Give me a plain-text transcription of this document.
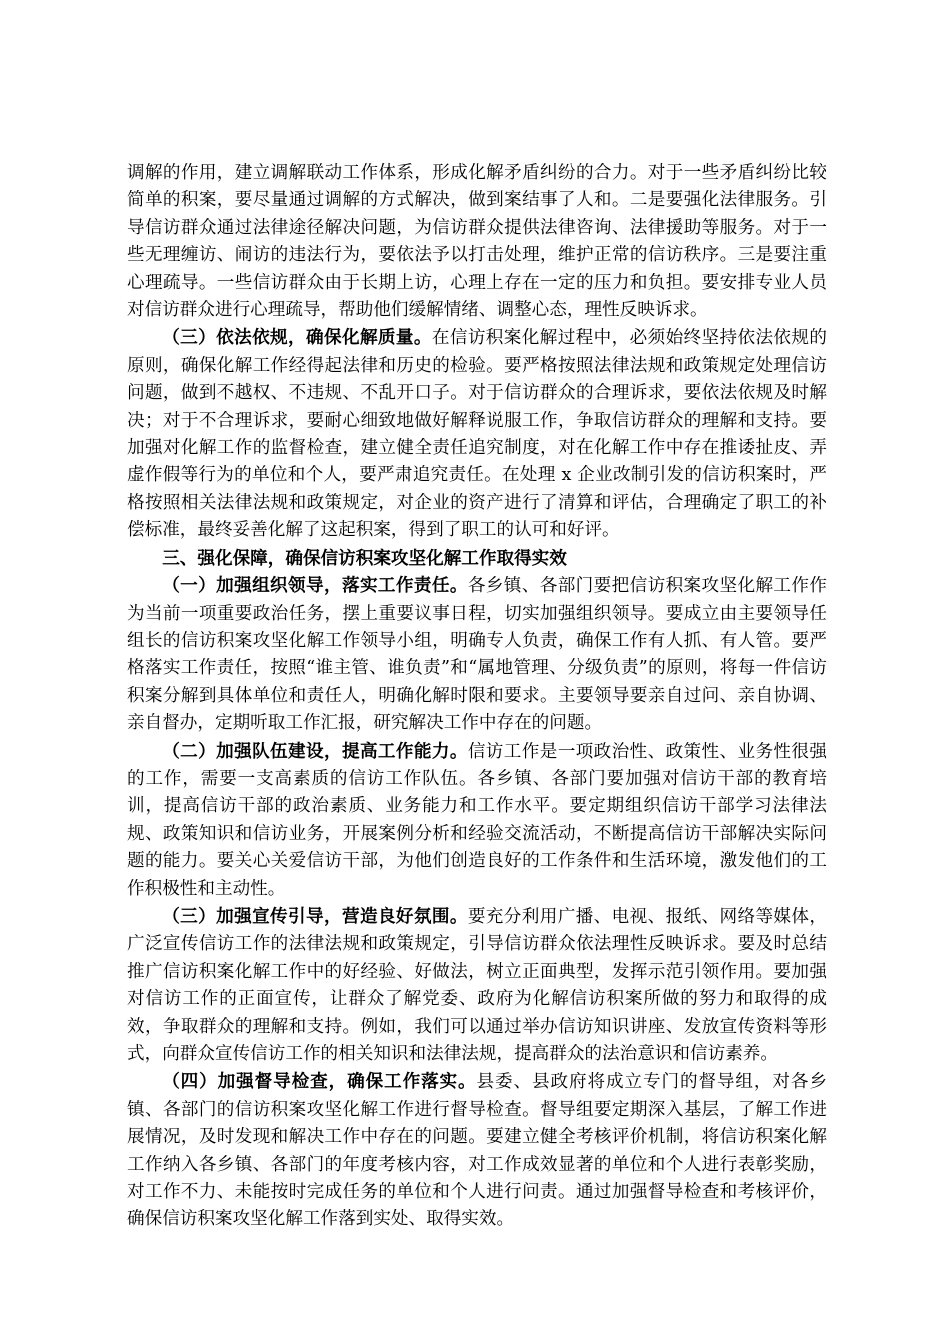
调解的作用，建立调解联动工作体系，形成化解矛盾纠纷的合力。对于一些矛盾纠纷比较简单的积案，要尽量通过调解的方式解决，做到案结事了人和。二是要强化法律服务。引导信访群众通过法律途径解决问题，为信访群众提供法律咨询、法律援助等服务。对于一些无理缠访、闹访的违法行为，要依法予以打击处理，维护正常的信访秩序。三是要注重心理疏导。一些信访群众由于长期上访，心理上存在一定的压力和负担。要安排专业人员对信访群众进行心理疏导，帮助他们缓解情绪、调整心态，理性反映诉求。

（三）依法依规，确保化解质量。在信访积案化解过程中，必须始终坚持依法依规的原则，确保化解工作经得起法律和历史的检验。要严格按照法律法规和政策规定处理信访问题，做到不越权、不违规、不乱开口子。对于信访群众的合理诉求，要依法依规及时解决；对于不合理诉求，要耐心细致地做好解释说服工作，争取信访群众的理解和支持。要加强对化解工作的监督检查，建立健全责任追究制度，对在化解工作中存在推诿扯皮、弄虚作假等行为的单位和个人，要严肃追究责任。在处理 x 企业改制引发的信访积案时，严格按照相关法律法规和政策规定，对企业的资产进行了清算和评估，合理确定了职工的补偿标准，最终妥善化解了这起积案，得到了职工的认可和好评。

三、强化保障，确保信访积案攻坚化解工作取得实效

（一）加强组织领导，落实工作责任。各乡镇、各部门要把信访积案攻坚化解工作作为当前一项重要政治任务，摆上重要议事日程，切实加强组织领导。要成立由主要领导任组长的信访积案攻坚化解工作领导小组，明确专人负责，确保工作有人抓、有人管。要严格落实工作责任，按照“谁主管、谁负责”和“属地管理、分级负责”的原则，将每一件信访积案分解到具体单位和责任人，明确化解时限和要求。主要领导要亲自过问、亲自协调、亲自督办，定期听取工作汇报，研究解决工作中存在的问题。

（二）加强队伍建设，提高工作能力。信访工作是一项政治性、政策性、业务性很强的工作，需要一支高素质的信访工作队伍。各乡镇、各部门要加强对信访干部的教育培训，提高信访干部的政治素质、业务能力和工作水平。要定期组织信访干部学习法律法规、政策知识和信访业务，开展案例分析和经验交流活动，不断提高信访干部解决实际问题的能力。要关心关爱信访干部，为他们创造良好的工作条件和生活环境，激发他们的工作积极性和主动性。

（三）加强宣传引导，营造良好氛围。要充分利用广播、电视、报纸、网络等媒体，广泛宣传信访工作的法律法规和政策规定，引导信访群众依法理性反映诉求。要及时总结推广信访积案化解工作中的好经验、好做法，树立正面典型，发挥示范引领作用。要加强对信访工作的正面宣传，让群众了解党委、政府为化解信访积案所做的努力和取得的成效，争取群众的理解和支持。例如，我们可以通过举办信访知识讲座、发放宣传资料等形式，向群众宣传信访工作的相关知识和法律法规，提高群众的法治意识和信访素养。

（四）加强督导检查，确保工作落实。县委、县政府将成立专门的督导组，对各乡镇、各部门的信访积案攻坚化解工作进行督导检查。督导组要定期深入基层，了解工作进展情况，及时发现和解决工作中存在的问题。要建立健全考核评价机制，将信访积案化解工作纳入各乡镇、各部门的年度考核内容，对工作成效显著的单位和个人进行表彰奖励，对工作不力、未能按时完成任务的单位和个人进行问责。通过加强督导检查和考核评价，确保信访积案攻坚化解工作落到实处、取得实效。
